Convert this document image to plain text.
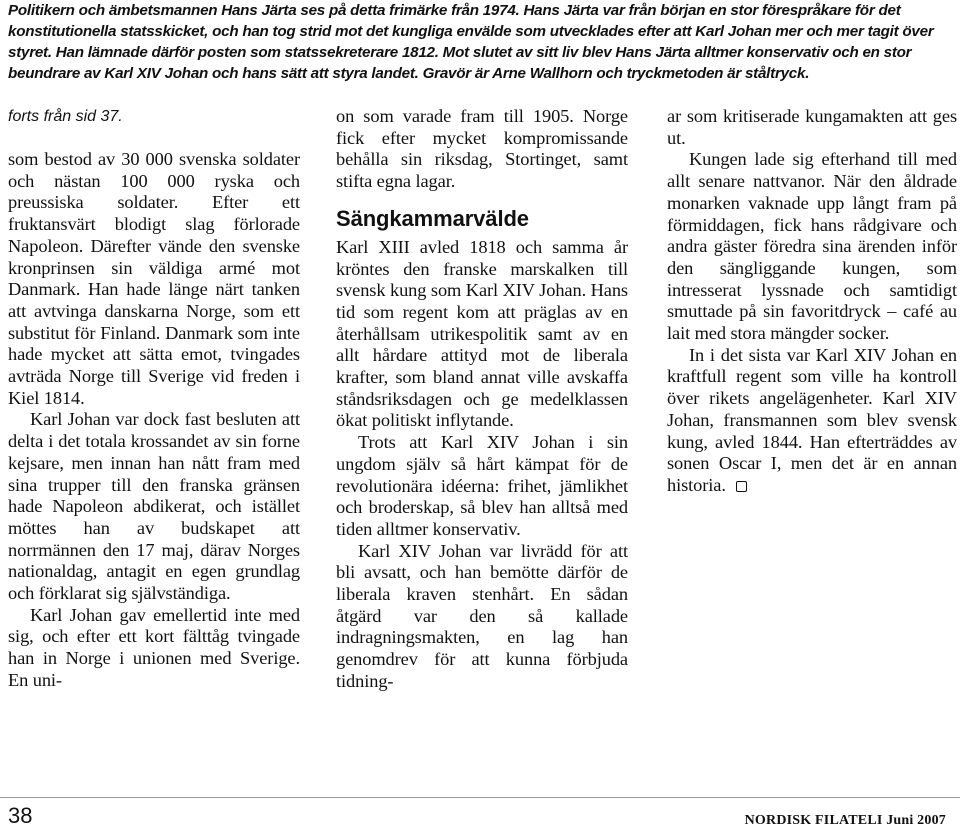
Politikern och ämbetsmannen Hans Järta ses på detta frimärke från 1974. Hans Järta var från början en stor förespråkare för det konstitutionella statsskicket, och han tog strid mot det kungliga envälde som utvecklades efter att Karl Johan mer och mer tagit över styret. Han lämnade därför posten som statssekreterare 1812. Mot slutet av sitt liv blev Hans Järta alltmer konservativ och en stor beundrare av Karl XIV Johan och hans sätt att styra landet. Gravör är Arne Wallhorn och tryckmetoden är ståltryck.

forts från sid 37.

som bestod av 30 000 svenska soldater och nästan 100 000 ryska och preussiska soldater. Efter ett fruktansvärt blodigt slag förlorade Napoleon. Därefter vände den svenske kronprinsen sin väldiga armé mot Danmark. Han hade länge närt tanken att avtvinga danskarna Norge, som ett substitut för Finland. Danmark som inte hade mycket att sätta emot, tvingades avträda Norge till Sverige vid freden i Kiel 1814.

Karl Johan var dock fast besluten att delta i det totala krossandet av sin forne kejsare, men innan han nått fram med sina trupper till den franska gränsen hade Napoleon abdikerat, och istället möttes han av budskapet att norrmännen den 17 maj, därav Norges nationaldag, antagit en egen grundlag och förklarat sig självständiga.

Karl Johan gav emellertid inte med sig, och efter ett kort fälttåg tvingade han in Norge i unionen med Sverige. En uni-

on som varade fram till 1905. Norge fick efter mycket kompromissande behålla sin riksdag, Stortinget, samt stifta egna lagar.

Sängkammarvälde

Karl XIII avled 1818 och samma år kröntes den franske marskalken till svensk kung som Karl XIV Johan. Hans tid som regent kom att präglas av en återhållsam utrikespolitik samt av en allt hårdare attityd mot de liberala krafter, som bland annat ville avskaffa ståndsriksdagen och ge medelklassen ökat politiskt inflytande.

Trots att Karl XIV Johan i sin ungdom själv så hårt kämpat för de revolutionära idéerna: frihet, jämlikhet och broderskap, så blev han alltså med tiden alltmer konservativ.

Karl XIV Johan var livrädd för att bli avsatt, och han bemötte därför de liberala kraven stenhårt. En sådan åtgärd var den så kallade indragningsmakten, en lag han genomdrev för att kunna förbjuda tidning-

ar som kritiserade kungamakten att ges ut.

Kungen lade sig efterhand till med allt senare nattvanor. När den åldrade monarken vaknade upp långt fram på förmiddagen, fick hans rådgivare och andra gäster föredra sina ärenden inför den sängliggande kungen, som intresserat lyssnade och samtidigt smuttade på sin favoritdryck – café au lait med stora mängder socker.

In i det sista var Karl XIV Johan en kraftfull regent som ville ha kontroll över rikets angelägenheter. Karl XIV Johan, fransmannen som blev svensk kung, avled 1844. Han efterträddes av sonen Oscar I, men det är en annan historia.

38	NORDISK FILATELI Juni 2007
